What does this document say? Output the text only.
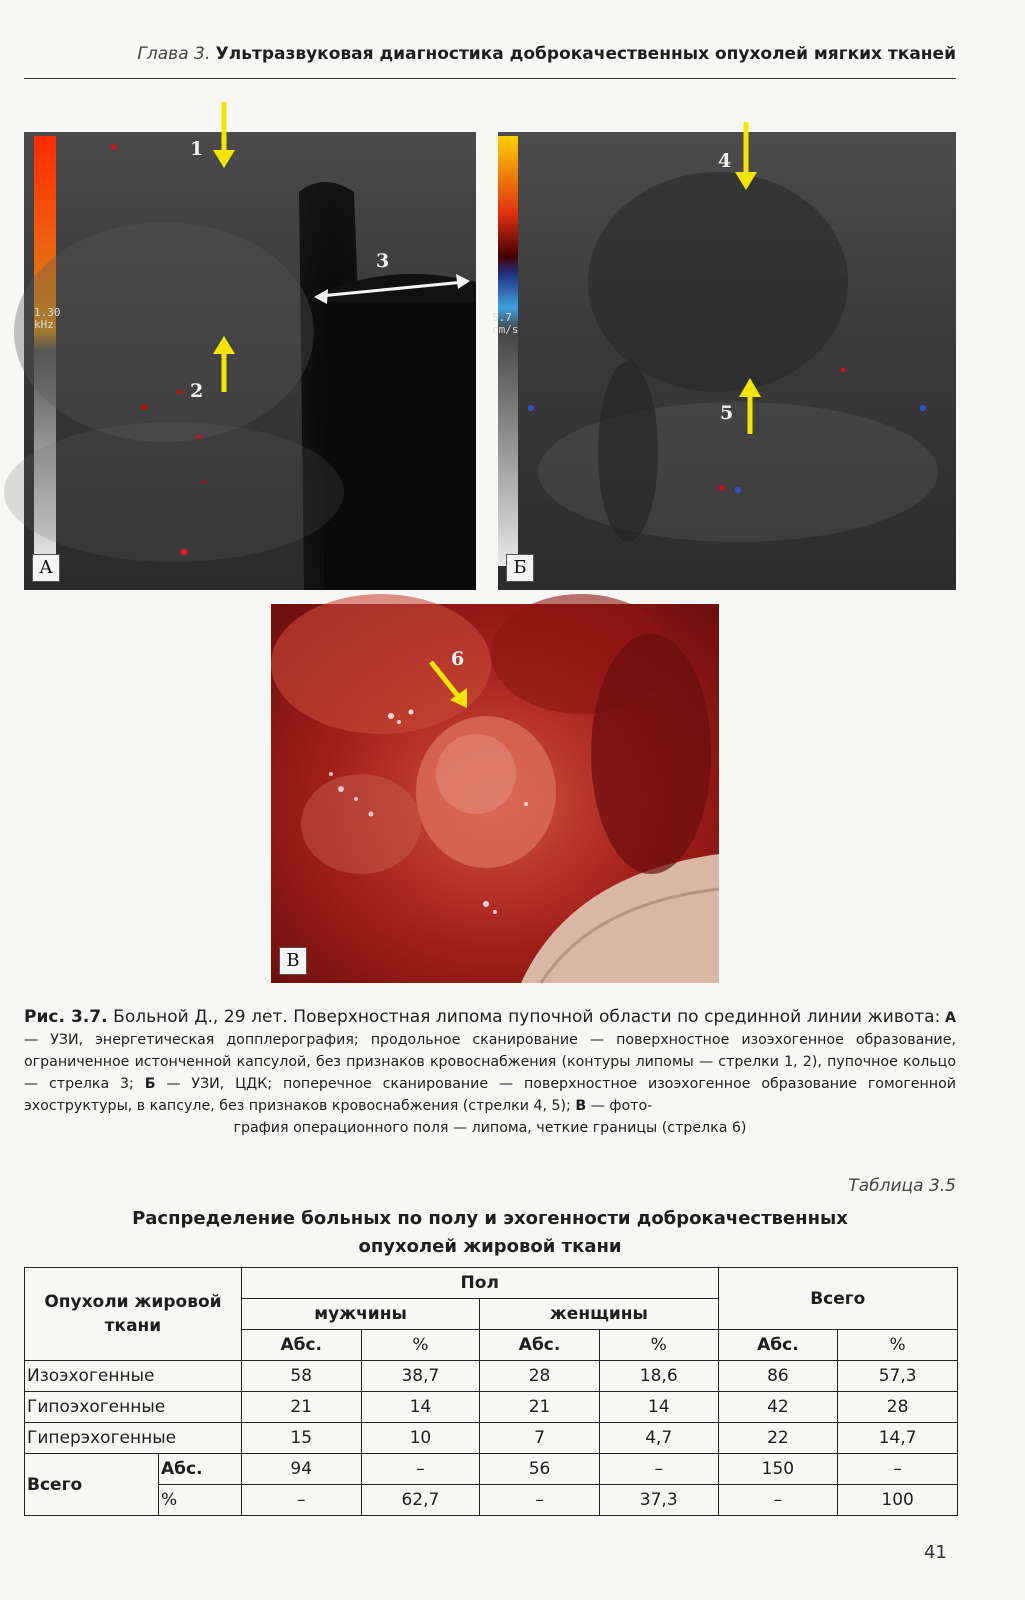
Глава 3. Ультразвуковая диагностика доброкачественных опухолей мягких тканей
1.30
kHz
1
2
3
А
5.7
cm/s
4
5
Б
6
В
Рис. 3.7. Больной Д., 29 лет. Поверхностная липома пупочной области по срединной линии живота: А — УЗИ, энергетическая допплерография; продольное сканирование — поверхностное изоэхогенное образование, ограниченное истонченной капсулой, без признаков кровоснабжения (контуры липомы — стрелки 1, 2), пупочное кольцо — стрелка 3; Б — УЗИ, ЦДК; поперечное сканирование — поверхностное изоэхогенное образование гомогенной эхоструктуры, в капсуле, без признаков кровоснабжения (стрелки 4, 5); В — фото-
графия операционного поля — липома, четкие границы (стрелка 6)
Таблица 3.5
Распределение больных по полу и эхогенности доброкачественных
опухолей жировой ткани
Опухоли жировой
ткани		Пол				Всего	
		мужчины		женщины			
		Абс.	%	Абс.	%	Абс.	%
Изоэхогенные		58	38,7	28	18,6	86	57,3
Гипоэхогенные		21	14	21	14	42	28
Гиперэхогенные		15	10	7	4,7	22	14,7
Всего	Абс.	94	–	56	–	150	–
	%	–	62,7	–	37,3	–	100
41
